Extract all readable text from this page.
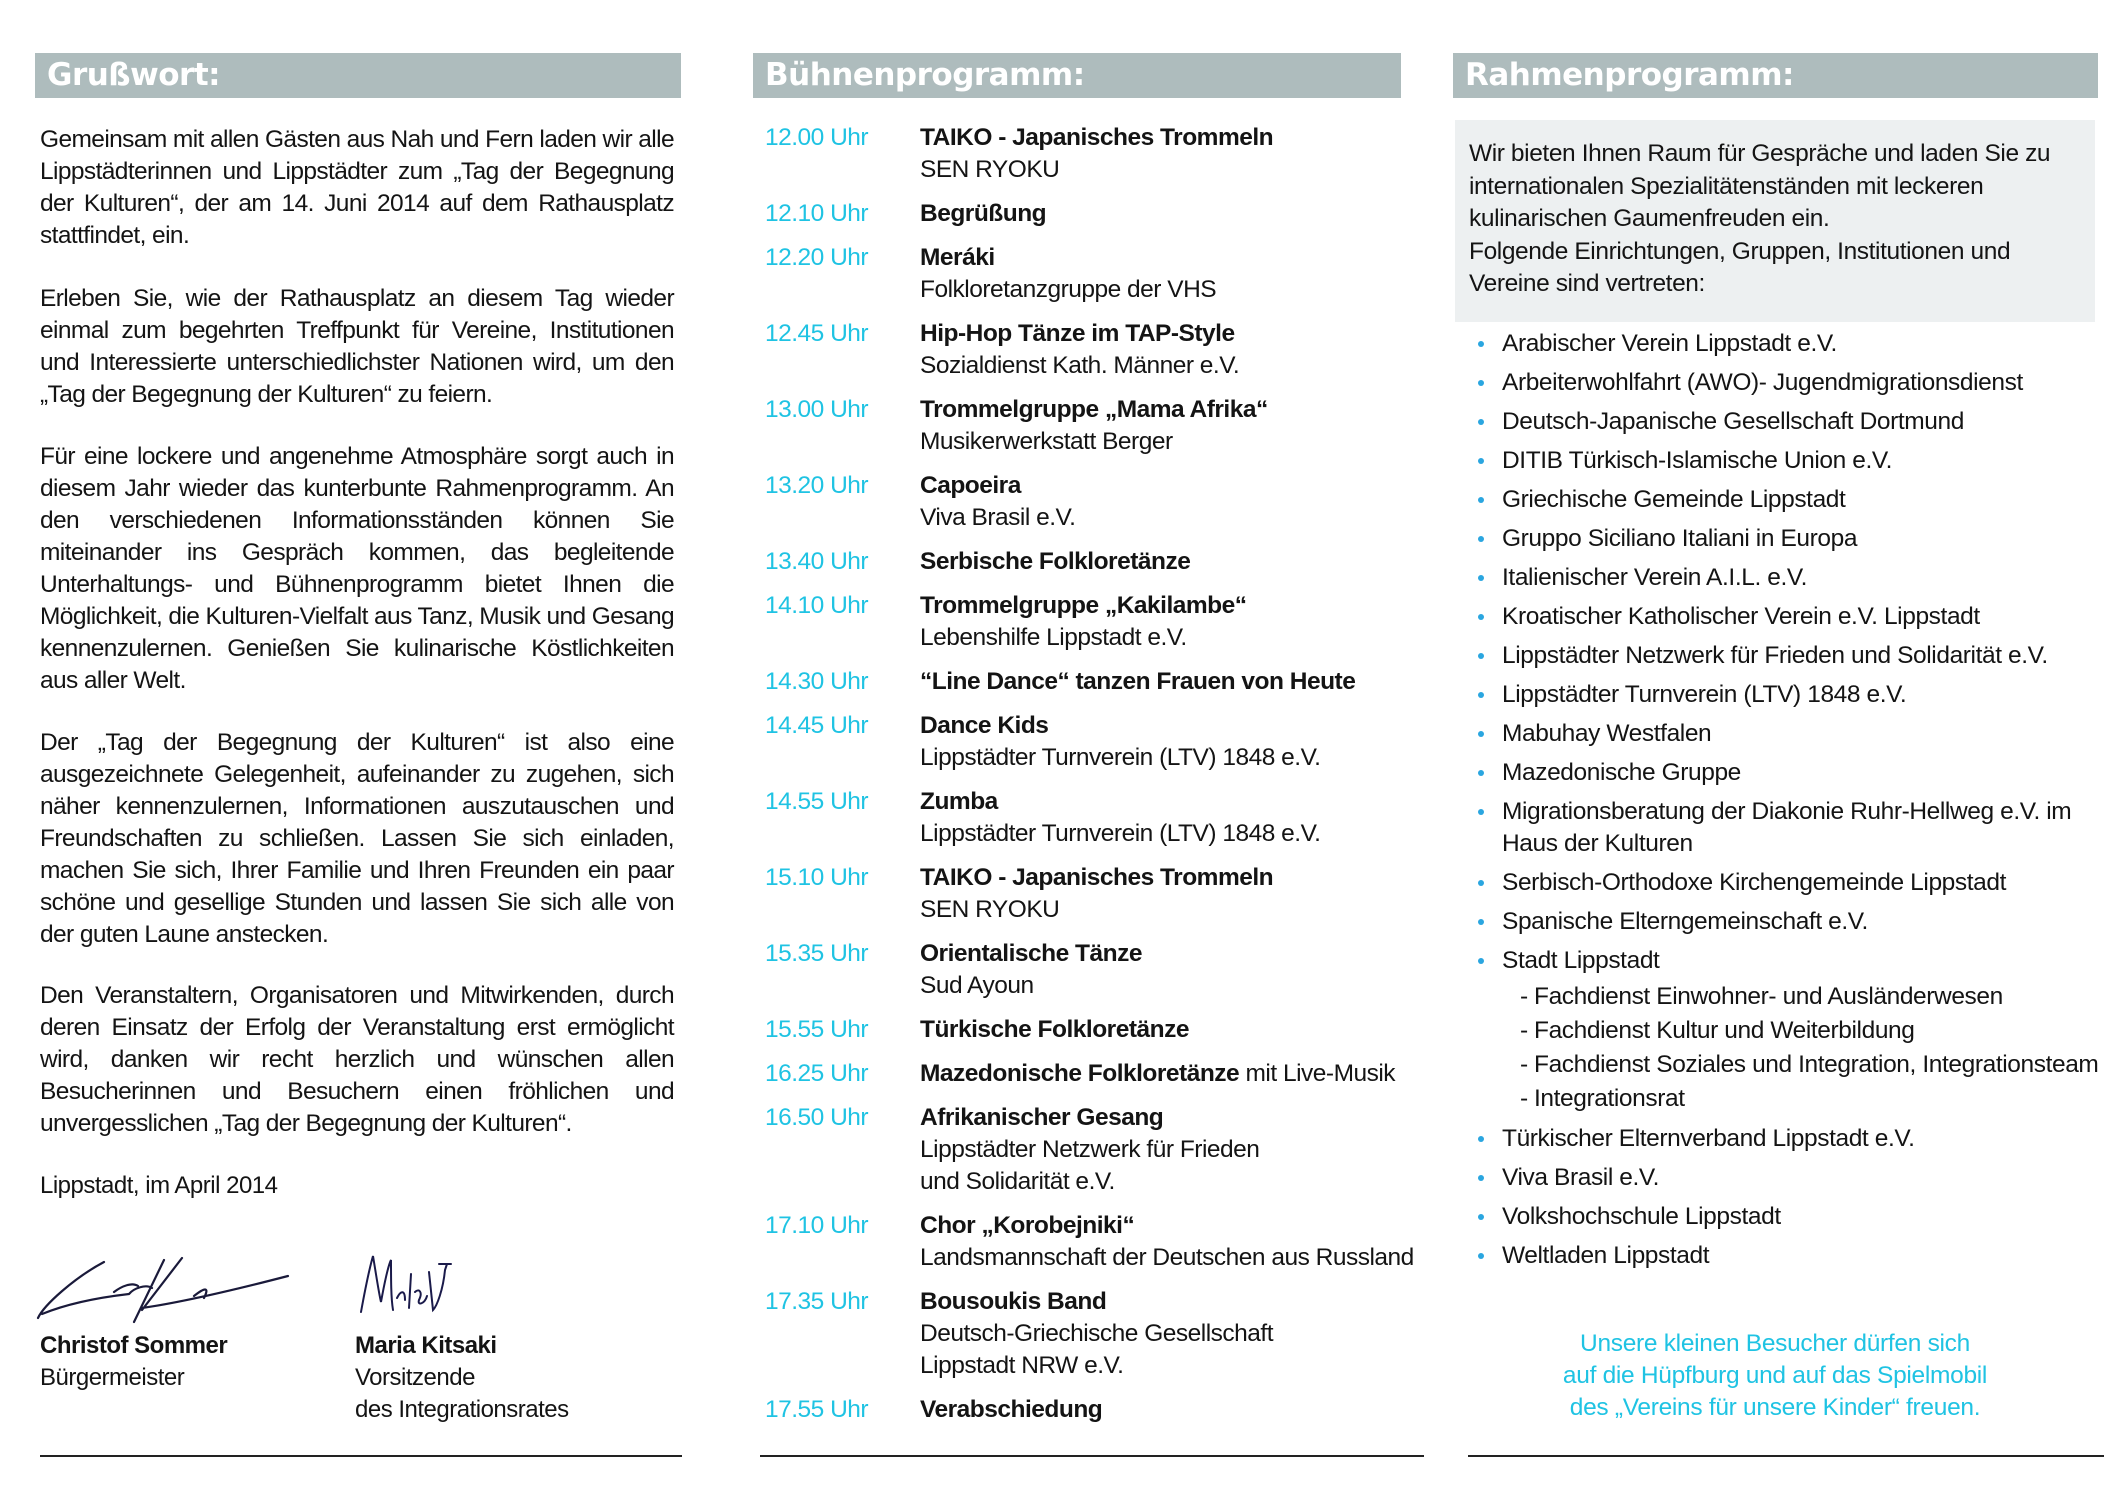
Grußwort:

Gemeinsam mit allen Gästen aus Nah und Fern laden wir alle Lippstädterinnen und Lippstädter zum „Tag der Begegnung der Kulturen“, der am 14. Juni 2014 auf dem Rathausplatz stattfindet, ein.

Erleben Sie, wie der Rathausplatz an diesem Tag wieder einmal zum begehrten Treffpunkt für Vereine, Institutionen und Interessierte unterschiedlichster Nationen wird, um den „Tag der Begegnung der Kulturen“ zu feiern.

Für eine lockere und angenehme Atmosphäre sorgt auch in diesem Jahr wieder das kunterbunte Rahmenprogramm. An den verschiedenen Informationsständen können Sie miteinander ins Gespräch kommen, das begleitende Unterhaltungs- und Bühnenprogramm bietet Ihnen die Möglichkeit, die Kulturen-Vielfalt aus Tanz, Musik und Gesang kennenzulernen. Genießen Sie kulinarische Köstlichkeiten aus aller Welt.

Der „Tag der Begegnung der Kulturen“ ist also eine ausgezeichnete Gelegenheit, aufeinander zu zugehen, sich näher kennenzulernen, Informationen auszutauschen und Freundschaften zu schließen. Lassen Sie sich einladen, machen Sie sich, Ihrer Familie und Ihren Freunden ein paar schöne und gesellige Stunden und lassen Sie sich alle von der guten Laune anstecken.

Den Veranstaltern, Organisatoren und Mitwirkenden, durch deren Einsatz der Erfolg der Veranstaltung erst ermöglicht wird, danken wir recht herzlich und wünschen allen Besucherinnen und Besuchern einen fröhlichen und unvergesslichen „Tag der Begegnung der Kulturen“.

Lippstadt, im April 2014
Christof Sommer
Bürgermeister
Maria Kitsaki
Vorsitzende
des Integrationsrates
Bühnenprogramm:
12.00 Uhr TAIKO - Japanisches Trommeln
SEN RYOKU
12.10 Uhr Begrüßung
12.20 Uhr Meráki
Folkloretanzgruppe der VHS
12.45 Uhr Hip-Hop Tänze im TAP-Style
Sozialdienst Kath. Männer e.V.
13.00 Uhr Trommelgruppe „Mama Afrika“
Musikerwerkstatt Berger
13.20 Uhr Capoeira
Viva Brasil e.V.
13.40 Uhr Serbische Folkloretänze
14.10 Uhr Trommelgruppe „Kakilambe“
Lebenshilfe Lippstadt e.V.
14.30 Uhr “Line Dance“ tanzen Frauen von Heute
14.45 Uhr Dance Kids
Lippstädter Turnverein (LTV) 1848 e.V.
14.55 Uhr Zumba
Lippstädter Turnverein (LTV) 1848 e.V.
15.10 Uhr TAIKO - Japanisches Trommeln
SEN RYOKU
15.35 Uhr Orientalische Tänze
Sud Ayoun
15.55 Uhr Türkische Folkloretänze
16.25 Uhr Mazedonische Folkloretänze mit Live-Musik
16.50 Uhr Afrikanischer Gesang
Lippstädter Netzwerk für Frieden
und Solidarität e.V.
17.10 Uhr Chor „Korobejniki“
Landsmannschaft der Deutschen aus Russland
17.35 Uhr Bousoukis Band
Deutsch-Griechische Gesellschaft
Lippstadt NRW e.V.
17.55 Uhr Verabschiedung
Rahmenprogramm:

Wir bieten Ihnen Raum für Gespräche und laden Sie zu internationalen Spezialitätenständen mit leckeren kulinarischen Gaumenfreuden ein.

Folgende Einrichtungen, Gruppen, Institutionen und Vereine sind vertreten:

Arabischer Verein Lippstadt e.V.
Arbeiterwohlfahrt (AWO)- Jugendmigrationsdienst
Deutsch-Japanische Gesellschaft Dortmund
DITIB Türkisch-Islamische Union e.V.
Griechische Gemeinde Lippstadt
Gruppo Siciliano Italiani in Europa
Italienischer Verein A.I.L. e.V.
Kroatischer Katholischer Verein e.V. Lippstadt
Lippstädter Netzwerk für Frieden und Solidarität e.V.
Lippstädter Turnverein (LTV) 1848 e.V.
Mabuhay Westfalen
Mazedonische Gruppe
Migrationsberatung der Diakonie Ruhr-Hellweg e.V. im Haus der Kulturen
Serbisch-Orthodoxe Kirchengemeinde Lippstadt
Spanische Elterngemeinschaft e.V.
Stadt Lippstadt
- Fachdienst Einwohner- und Ausländerwesen
- Fachdienst Kultur und Weiterbildung
- Fachdienst Soziales und Integration, Integrationsteam
- Integrationsrat
Türkischer Elternverband Lippstadt e.V.
Viva Brasil e.V.
Volkshochschule Lippstadt
Weltladen Lippstadt

Unsere kleinen Besucher dürfen sich

auf die Hüpfburg und auf das Spielmobil

des „Vereins für unsere Kinder“ freuen.
